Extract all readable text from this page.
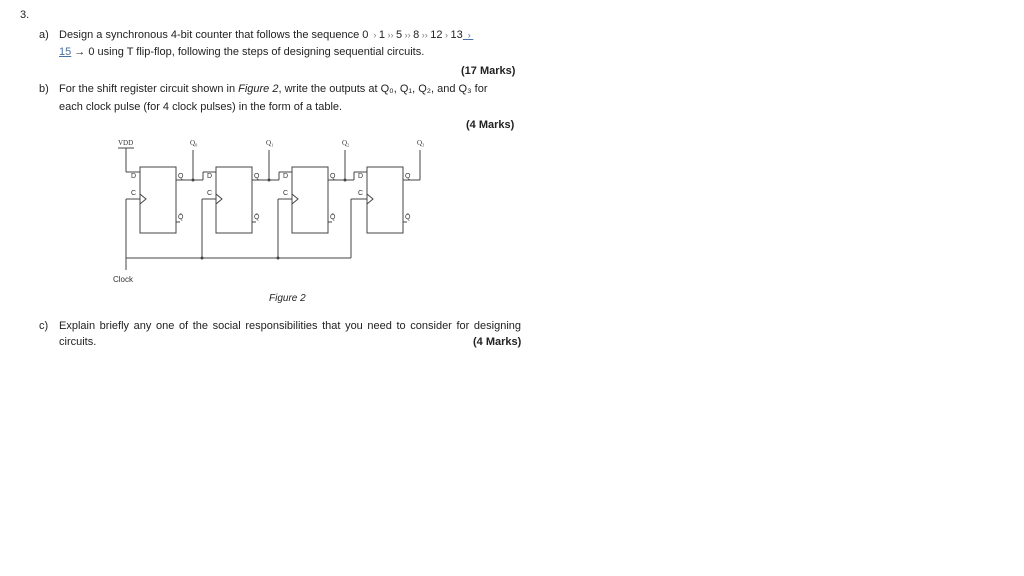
3.
a) Design a synchronous 4-bit counter that follows the sequence 0  › 1 ›› 5 ›› 8 ›› 12 › 13  ›
15 → 0 using T flip-flop, following the steps of designing sequential circuits.
(17 Marks)
b) For the shift register circuit shown in Figure 2, write the outputs at Q₀, Q₁, Q₂, and Q₃ for
each clock pulse (for 4 clock pulses) in the form of a table.
(4 Marks)
VDD	Q₀	Q₁	Q₂	Q₃
D	D	D	D
C	C	C	C
Q	Q	Q	Q
Q̄	Q̄	Q̄	Q̄
Clock
Figure 2
c) Explain briefly any one of the social responsibilities that you need to consider for designing
circuits.	(4 Marks)
